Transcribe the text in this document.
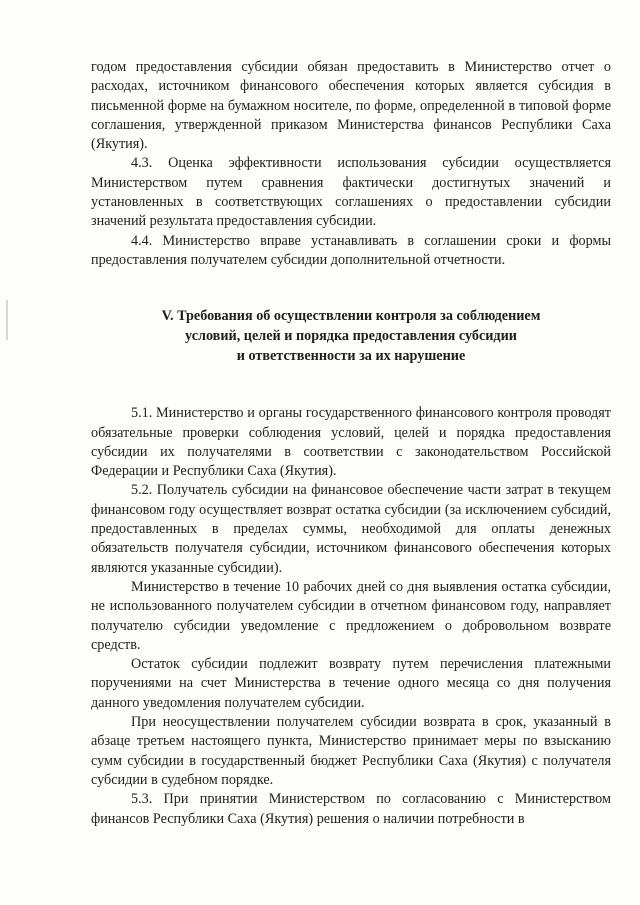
годом предоставления субсидии обязан предоставить в Министерство отчет о расходах, источником финансового обеспечения которых является субсидия в письменной форме на бумажном носителе, по форме, определенной в типовой форме соглашения, утвержденной приказом Министерства финансов Республики Саха (Якутия).

4.3. Оценка эффективности использования субсидии осуществляется Министерством путем сравнения фактически достигнутых значений и установленных в соответствующих соглашениях о предоставлении субсидии значений результата предоставления субсидии.

4.4. Министерство вправе устанавливать в соглашении сроки и формы предоставления получателем субсидии дополнительной отчетности.

V. Требования об осуществлении контроля за соблюдением
условий, целей и порядка предоставления субсидии
и ответственности за их нарушение

5.1. Министерство и органы государственного финансового контроля проводят обязательные проверки соблюдения условий, целей и порядка предоставления субсидии их получателями в соответствии с законодательством Российской Федерации и Республики Саха (Якутия).

5.2. Получатель субсидии на финансовое обеспечение части затрат в текущем финансовом году осуществляет возврат остатка субсидии (за исключением субсидий, предоставленных в пределах суммы, необходимой для оплаты денежных обязательств получателя субсидии, источником финансового обеспечения которых являются указанные субсидии).

Министерство в течение 10 рабочих дней со дня выявления остатка субсидии, не использованного получателем субсидии в отчетном финансовом году, направляет получателю субсидии уведомление с предложением о добровольном возврате средств.

Остаток субсидии подлежит возврату путем перечисления платежными поручениями на счет Министерства в течение одного месяца со дня получения данного уведомления получателем субсидии.

При неосуществлении получателем субсидии возврата в срок, указанный в абзаце третьем настоящего пункта, Министерство принимает меры по взысканию сумм субсидии в государственный бюджет Республики Саха (Якутия) с получателя субсидии в судебном порядке.

5.3. При принятии Министерством по согласованию с Министерством финансов Республики Саха (Якутия) решения о наличии потребности в
